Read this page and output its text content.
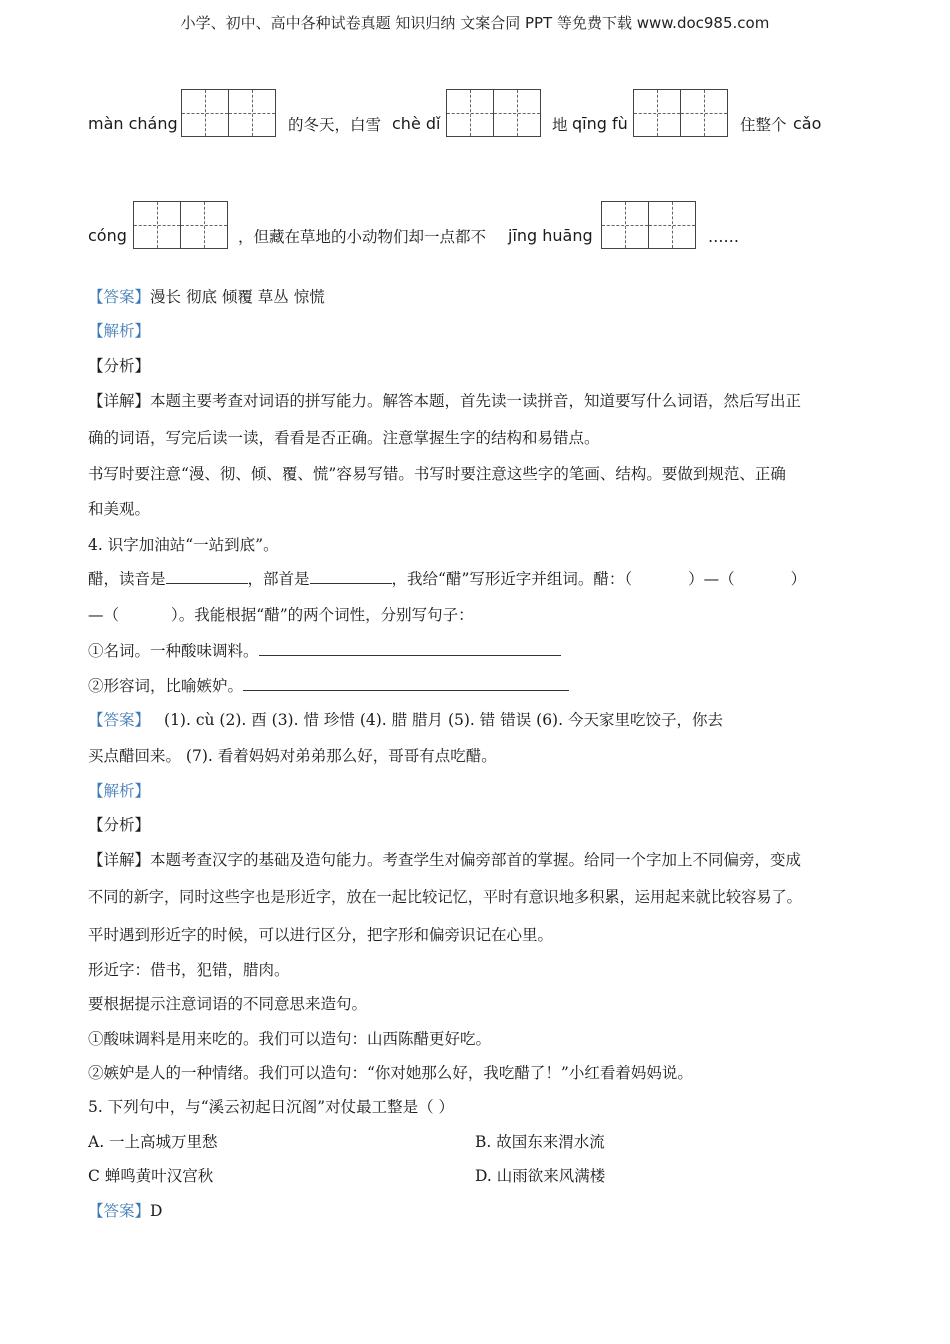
小学、初中、高中各种试卷真题 知识归纳 文案合同 PPT 等免费下载 www.doc985.com
màn cháng	的冬天，白雪 chè dǐ	地 qīng fù	住整个 cǎo
cóng	，但藏在草地的小动物们却一点都不 jīng huāng	……
【答案】漫长 彻底 倾覆 草丛 惊慌
【解析】
【分析】
【详解】本题主要考查对词语的拼写能力。解答本题，首先读一读拼音，知道要写什么词语，然后写出正
确的词语，写完后读一读，看看是否正确。注意掌握生字的结构和易错点。
书写时要注意“漫、彻、倾、覆、慌”容易写错。书写时要注意这些字的笔画、结构。要做到规范、正确
和美观。
4. 识字加油站“一站到底”。
醋，读音是	，部首是	，我给“醋”写形近字并组词。醋：（	）—（	）
—（	）。我能根据“醋”的两个词性，分别写句子：
①名词。一种酸味调料。
②形容词，比喻嫉妒。
【答案】 (1). cù (2). 酉 (3). 惜 珍惜 (4). 腊 腊月 (5). 错 错误 (6). 今天家里吃饺子，你去
买点醋回来。 (7). 看着妈妈对弟弟那么好，哥哥有点吃醋。
【解析】
【分析】
【详解】本题考查汉字的基础及造句能力。考查学生对偏旁部首的掌握。给同一个字加上不同偏旁，变成
不同的新字，同时这些字也是形近字，放在一起比较记忆，平时有意识地多积累，运用起来就比较容易了。
平时遇到形近字的时候，可以进行区分，把字形和偏旁识记在心里。
形近字：借书，犯错，腊肉。
要根据提示注意词语的不同意思来造句。
①酸味调料是用来吃的。我们可以造句：山西陈醋更好吃。
②嫉妒是人的一种情绪。我们可以造句：“你对她那么好，我吃醋了！”小红看着妈妈说。
5. 下列句中，与“溪云初起日沉阁”对仗最工整是（ ）
A. 一上高城万里愁	B. 故国东来渭水流
C 蝉鸣黄叶汉宫秋	D. 山雨欲来风满楼
【答案】D
